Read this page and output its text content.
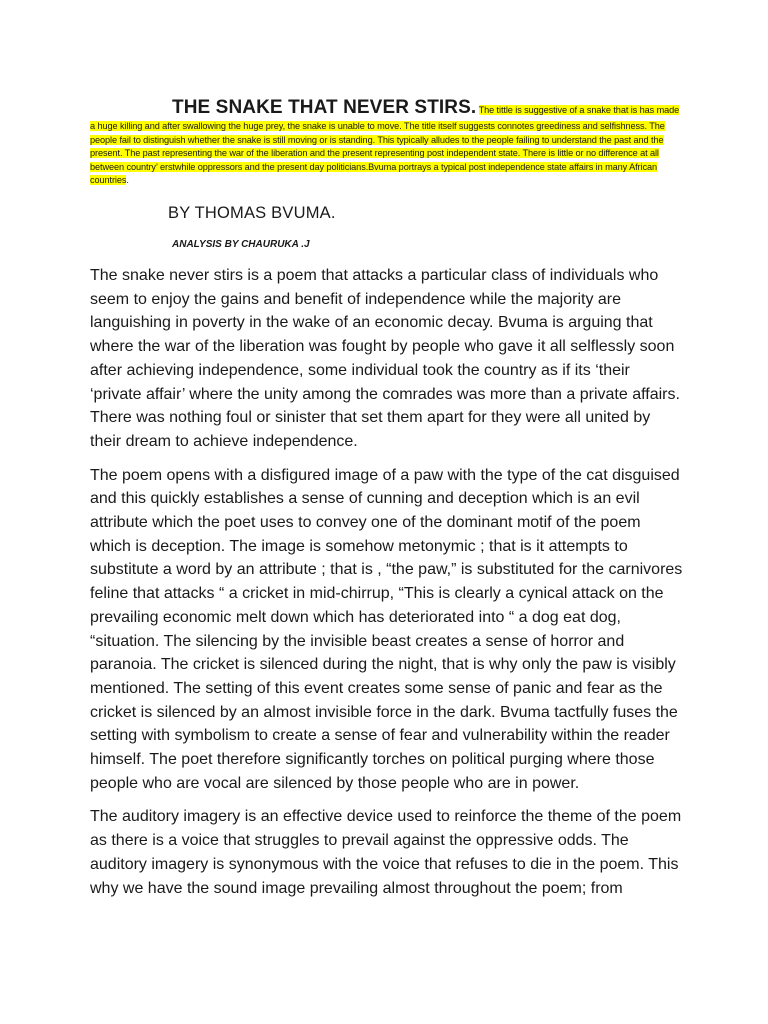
THE SNAKE THAT NEVER STIRS. The tittle is suggestive of a snake that is has made a huge killing and after swallowing the huge prey, the snake is unable to move. The title itself suggests connotes greediness and selfishness. The people fail to distinguish whether the snake is still moving or is standing. This typically alludes to the people failing to understand the past and the present. The past representing the war of the liberation and the present representing post independent state. There is little or no difference at all between country’ erstwhile oppressors and the present day politicians.Bvuma portrays a typical post independence state affairs in many African countries.
BY THOMAS BVUMA.
ANALYSIS BY CHAURUKA .J

The snake never stirs is a poem that attacks a particular class of individuals who seem to enjoy the gains and benefit of independence while the majority are languishing in poverty in the wake of an economic decay. Bvuma is arguing that where the war of the liberation was fought by people who gave it all selflessly soon after achieving independence, some individual took the country as if its ‘their ‘private affair’ where the unity among the comrades was more than a private affairs. There was nothing foul or sinister that set them apart for they were all united by their dream to achieve independence.

The poem opens with a disfigured image of a paw with the type of the cat disguised and this quickly establishes a sense of cunning and deception which is an evil attribute which the poet uses to convey one of the dominant motif of the poem which is deception. The image is somehow metonymic ; that is it attempts to substitute a word by an attribute ; that is , “the paw,” is substituted for the carnivores feline that attacks “ a cricket in mid-chirrup, “This is clearly a cynical attack on the prevailing economic melt down which has deteriorated into “ a dog eat dog, “situation. The silencing by the invisible beast creates a sense of horror and paranoia. The cricket is silenced during the night, that is why only the paw is visibly mentioned. The setting of this event creates some sense of panic and fear as the cricket is silenced by an almost invisible force in the dark. Bvuma tactfully fuses the setting with symbolism to create a sense of fear and vulnerability within the reader himself. The poet therefore significantly torches on political purging where those people who are vocal are silenced by those people who are in power.

The auditory imagery is an effective device used to reinforce the theme of the poem as there is a voice that struggles to prevail against the oppressive odds. The auditory imagery is synonymous with the voice that refuses to die in the poem. This why we have the sound image prevailing almost throughout the poem; from
